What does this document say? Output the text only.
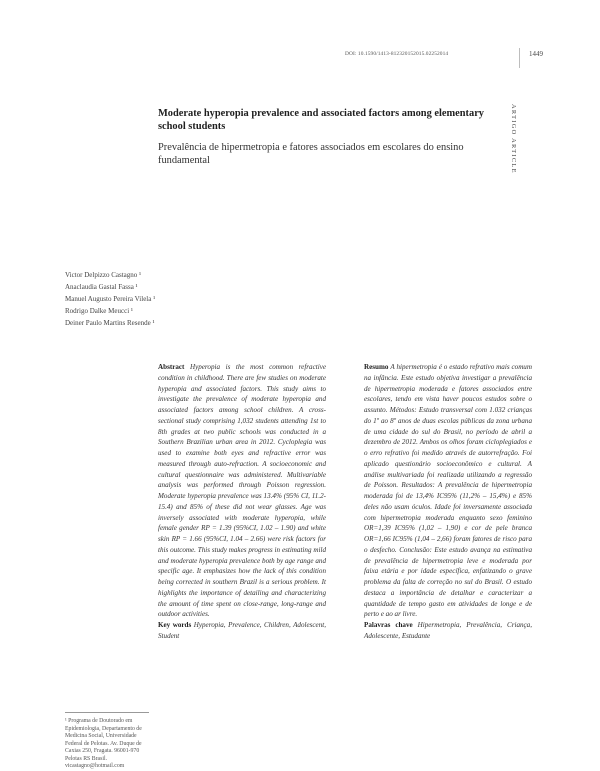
DOI: 10.1590/1413-812320152015.02252014	1449
ARTIGO ARTICLE
Moderate hyperopia prevalence and associated factors among elementary school students
Prevalência de hipermetropia e fatores associados em escolares do ensino fundamental
Victor Delpizzo Castagno ¹
Anaclaudia Gastal Fassa ¹
Manuel Augusto Pereira Vilela ¹
Rodrigo Dalke Meucci ¹
Deiner Paulo Martins Resende ¹
¹ Programa de Doutorado em Epidemiologia, Departamento de Medicina Social, Universidade Federal de Pelotas. Av. Duque de Caxias 250, Fragata. 96001-970 Pelotas RS Brasil. vicastagno@hotmail.com
Abstract Hyperopia is the most common refractive condition in childhood. There are few studies on moderate hyperopia and associated factors. This study aims to investigate the prevalence of moderate hyperopia and associated factors among school children. A cross-sectional study comprising 1,032 students attending 1st to 8th grades at two public schools was conducted in a Southern Brazilian urban area in 2012. Cycloplegia was used to examine both eyes and refractive error was measured through auto-refraction. A socioeconomic and cultural questionnaire was administered. Multivariable analysis was performed through Poisson regression. Moderate hyperopia prevalence was 13.4% (95% CI, 11.2-15.4) and 85% of these did not wear glasses. Age was inversely associated with moderate hyperopia, while female gender RP = 1.39 (95%CI, 1.02 – 1.90) and white skin RP = 1.66 (95%CI, 1.04 – 2.66) were risk factors for this outcome. This study makes progress in estimating mild and moderate hyperopia prevalence both by age range and specific age. It emphasizes how the lack of this condition being corrected in southern Brazil is a serious problem. It highlights the importance of detailing and characterizing the amount of time spent on close-range, long-range and outdoor activities.
Key words Hyperopia, Prevalence, Children, Adolescent, Student
Resumo A hipermetropia é o estado refrativo mais comum na infância. Este estudo objetiva investigar a prevalência de hipermetropia moderada e fatores associados entre escolares, tendo em vista haver poucos estudos sobre o assunto. Métodos: Estudo transversal com 1.032 crianças do 1º ao 8º anos de duas escolas públicas da zona urbana de uma cidade do sul do Brasil, no período de abril a dezembro de 2012. Ambos os olhos foram cicloplegiados e o erro refrativo foi medido através de autorrefração. Foi aplicado questionário socioeconômico e cultural. A análise multivariada foi realizada utilizando a regressão de Poisson. Resultados: A prevalência de hipermetropia moderada foi de 13,4% IC95% (11,2% – 15,4%) e 85% deles não usam óculos. Idade foi inversamente associada com hipermetropia moderada enquanto sexo feminino OR=1,39 IC95% (1,02 – 1,90) e cor de pele branca OR=1,66 IC95% (1,04 – 2,66) foram fatores de risco para o desfecho. Conclusão: Este estudo avança na estimativa de prevalência de hipermetropia leve e moderada por faixa etária e por idade específica, enfatizando o grave problema da falta de correção no sul do Brasil. O estudo destaca a importância de detalhar e caracterizar a quantidade de tempo gasto em atividades de longe e de perto e ao ar livre.
Palavras chave Hipermetropia, Prevalência, Criança, Adolescente, Estudante
